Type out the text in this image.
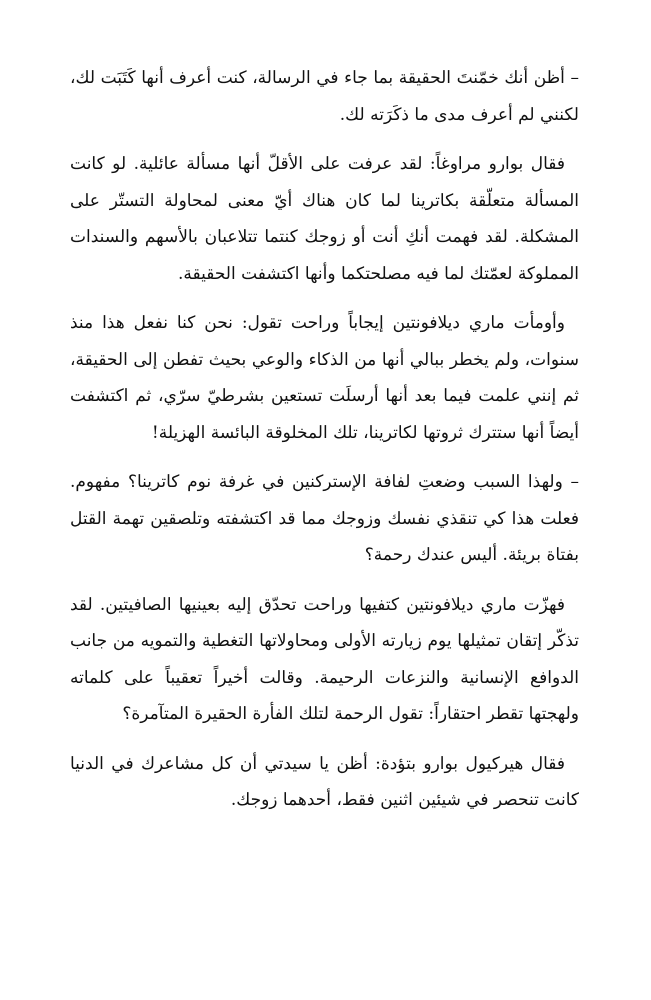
– أظن أنك خمّنتَ الحقيقة بما جاء في الرسالة، كنت أعرف أنها كَتَبَت لك، لكنني لم أعرف مدى ما ذكَرَته لك.

فقال بوارو مراوغاً: لقد عرفت على الأقلّ أنها مسألة عائلية. لو كانت المسألة متعلّقة بكاترينا لما كان هناك أيّ معنى لمحاولة التستّر على المشكلة. لقد فهمت أنكِ أنت أو زوجك كنتما تتلاعبان بالأسهم والسندات المملوكة لعمّتك لما فيه مصلحتكما وأنها اكتشفت الحقيقة.

وأومأت ماري ديلافونتين إيجاباً وراحت تقول: نحن كنا نفعل هذا منذ سنوات، ولم يخطر ببالي أنها من الذكاء والوعي بحيث تفطن إلى الحقيقة، ثم إنني علمت فيما بعد أنها أرسلَت تستعين بشرطيّ سرّي، ثم اكتشفت أيضاً أنها ستترك ثروتها لكاترينا، تلك المخلوقة البائسة الهزيلة!

– ولهذا السبب وضعتِ لفافة الإستركنين في غرفة نوم كاترينا؟ مفهوم. فعلت هذا كي تنقذي نفسك وزوجك مما قد اكتشفته وتلصقين تهمة القتل بفتاة بريئة. أليس عندك رحمة؟

فهزّت ماري ديلافونتين كتفيها وراحت تحدّق إليه بعينيها الصافيتين. لقد تذكّر إتقان تمثيلها يوم زيارته الأولى ومحاولاتها التغطية والتمويه من جانب الدوافع الإنسانية والنزعات الرحيمة. وقالت أخيراً تعقيباً على كلماته ولهجتها تقطر احتقاراً: تقول الرحمة لتلك الفأرة الحقيرة المتآمرة؟

فقال هيركيول بوارو بتؤدة: أظن يا سيدتي أن كل مشاعرك في الدنيا كانت تنحصر في شيئين اثنين فقط، أحدهما زوجك.
